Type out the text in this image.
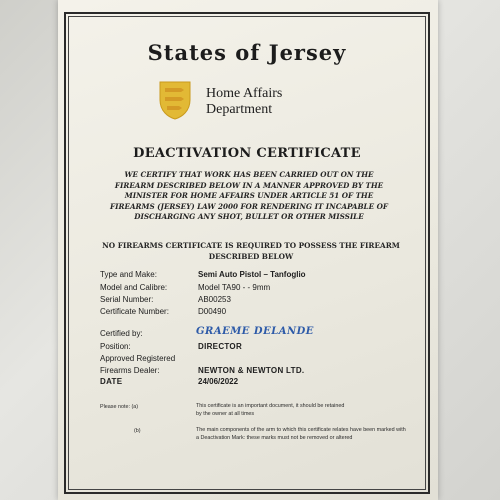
States of Jersey
Home Affairs
Department
DEACTIVATION CERTIFICATE
WE CERTIFY THAT WORK HAS BEEN CARRIED OUT ON THE FIREARM DESCRIBED BELOW IN A MANNER APPROVED BY THE MINISTER FOR HOME AFFAIRS UNDER ARTICLE 51 OF THE FIREARMS (JERSEY) LAW 2000 FOR RENDERING IT INCAPABLE OF DISCHARGING ANY SHOT, BULLET OR OTHER MISSILE
NO FIREARMS CERTIFICATE IS REQUIRED TO POSSESS THE FIREARM DESCRIBED BELOW
Type and Make:	Semi Auto Pistol – Tanfoglio
Model and Calibre:	Model TA90 - - 9mm
Serial Number:	AB00253
Certificate Number:	D00490
Certified by:	GRAEME DELANDE
Position:	DIRECTOR
Approved Registered
Firearms Dealer:	NEWTON & NEWTON LTD.
DATE	24/06/2022
Please note: (a)	This certificate is an important document, it should be retained by the owner at all times
(b)	The main components of the arm to which this certificate relates have been marked with a Deactivation Mark: these marks must not be removed or altered
